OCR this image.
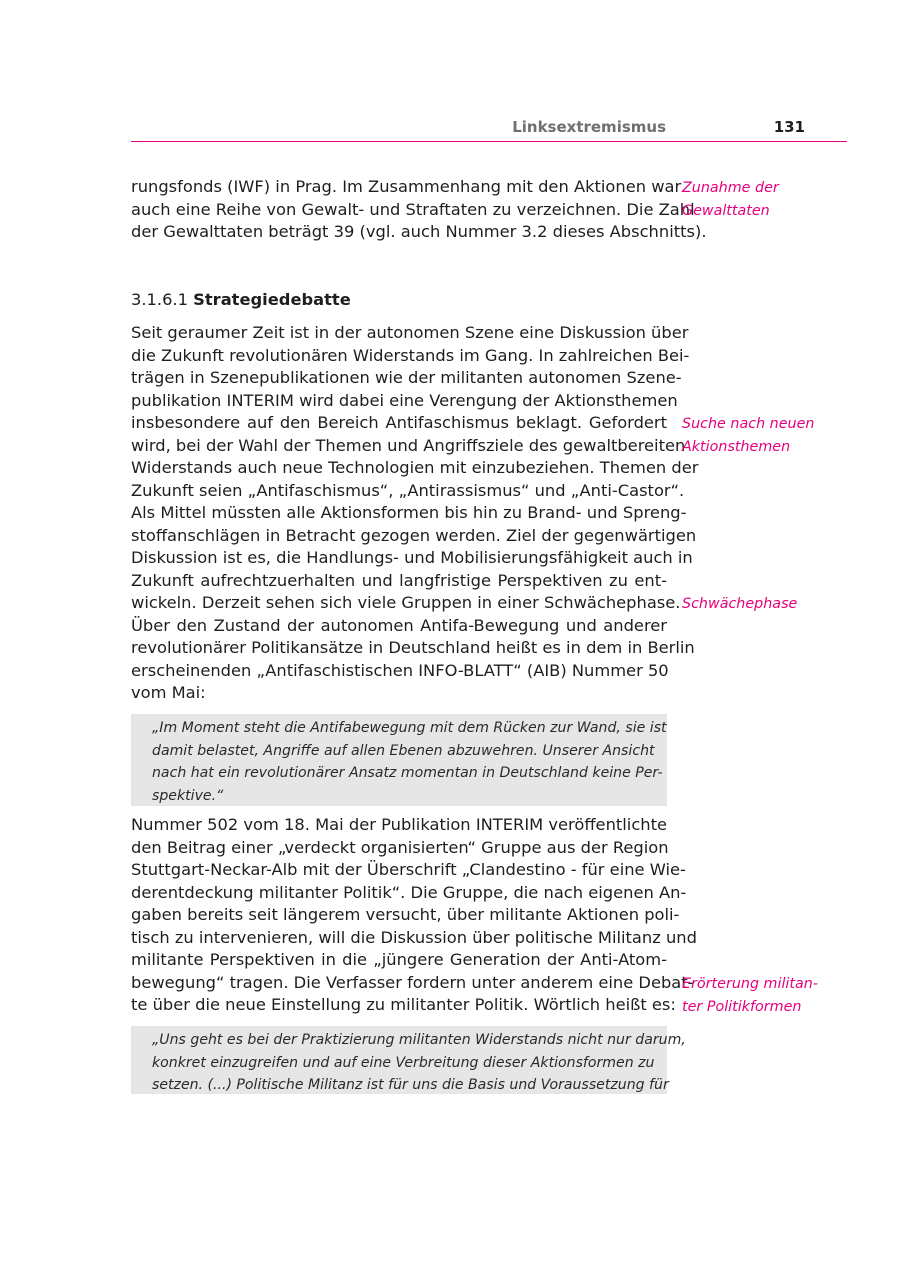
Linksextremismus	131
rungsfonds (IWF) in Prag. Im Zusammenhang mit den Aktionen war
auch eine Reihe von Gewalt- und Straftaten zu verzeichnen. Die Zahl
der Gewalttaten beträgt 39 (vgl. auch Nummer 3.2 dieses Abschnitts).
3.1.6.1 Strategiedebatte
Seit geraumer Zeit ist in der autonomen Szene eine Diskussion über
die Zukunft revolutionären Widerstands im Gang. In zahlreichen Bei-
trägen in Szenepublikationen wie der militanten autonomen Szene-
publikation INTERIM wird dabei eine Verengung der Aktionsthemen
insbesondere auf den Bereich Antifaschismus beklagt. Gefordert
wird, bei der Wahl der Themen und Angriffsziele des gewaltbereiten
Widerstands auch neue Technologien mit einzubeziehen. Themen der
Zukunft seien „Antifaschismus“, „Antirassismus“ und „Anti-Castor“.
Als Mittel müssten alle Aktionsformen bis hin zu Brand- und Spreng-
stoffanschlägen in Betracht gezogen werden. Ziel der gegenwärtigen
Diskussion ist es, die Handlungs- und Mobilisierungsfähigkeit auch in
Zukunft aufrechtzuerhalten und langfristige Perspektiven zu ent-
wickeln. Derzeit sehen sich viele Gruppen in einer Schwächephase.
Über den Zustand der autonomen Antifa-Bewegung und anderer
revolutionärer Politikansätze in Deutschland heißt es in dem in Berlin
erscheinenden „Antifaschistischen INFO-BLATT“ (AIB) Nummer 50
vom Mai:
„Im Moment steht die Antifabewegung mit dem Rücken zur Wand, sie ist
damit belastet, Angriffe auf allen Ebenen abzuwehren. Unserer Ansicht
nach hat ein revolutionärer Ansatz momentan in Deutschland keine Per-
spektive.“
Nummer 502 vom 18. Mai der Publikation INTERIM veröffentlichte
den Beitrag einer „verdeckt organisierten“ Gruppe aus der Region
Stuttgart-Neckar-Alb mit der Überschrift „Clandestino - für eine Wie-
derentdeckung militanter Politik“. Die Gruppe, die nach eigenen An-
gaben bereits seit längerem versucht, über militante Aktionen poli-
tisch zu intervenieren, will die Diskussion über politische Militanz und
militante Perspektiven in die „jüngere Generation der Anti-Atom-
bewegung“ tragen. Die Verfasser fordern unter anderem eine Debat-
te über die neue Einstellung zu militanter Politik. Wörtlich heißt es:
„Uns geht es bei der Praktizierung militanten Widerstands nicht nur darum,
konkret einzugreifen und auf eine Verbreitung dieser Aktionsformen zu
setzen. (...) Politische Militanz ist für uns die Basis und Voraussetzung für
Zunahme der
Gewalttaten
Suche nach neuen
Aktionsthemen
Schwächephase
Erörterung militan-
ter Politikformen
